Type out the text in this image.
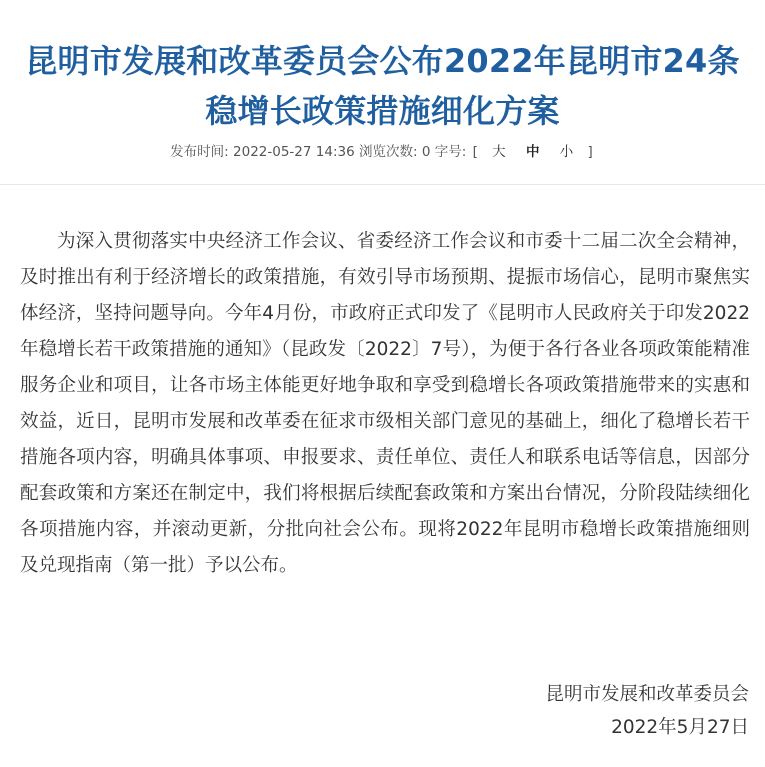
昆明市发展和改革委员会公布2022年昆明市24条
稳增长政策措施细化方案
发布时间: 2022-05-27 14:36 浏览次数: 0 字号: [ 大 中 小 ]

为深入贯彻落实中央经济工作会议、省委经济工作会议和市委十二届二次全会精神，及时推出有利于经济增长的政策措施，有效引导市场预期、提振市场信心，昆明市聚焦实体经济，坚持问题导向。今年4月份，市政府正式印发了《昆明市人民政府关于印发2022年稳增长若干政策措施的通知》（昆政发〔2022〕7号），为便于各行各业各项政策能精准服务企业和项目，让各市场主体能更好地争取和享受到稳增长各项政策措施带来的实惠和效益，近日，昆明市发展和改革委在征求市级相关部门意见的基础上，细化了稳增长若干措施各项内容，明确具体事项、申报要求、责任单位、责任人和联系电话等信息，因部分配套政策和方案还在制定中，我们将根据后续配套政策和方案出台情况，分阶段陆续细化各项措施内容，并滚动更新，分批向社会公布。现将2022年昆明市稳增长政策措施细则及兑现指南（第一批）予以公布。

昆明市发展和改革委员会
2022年5月27日
